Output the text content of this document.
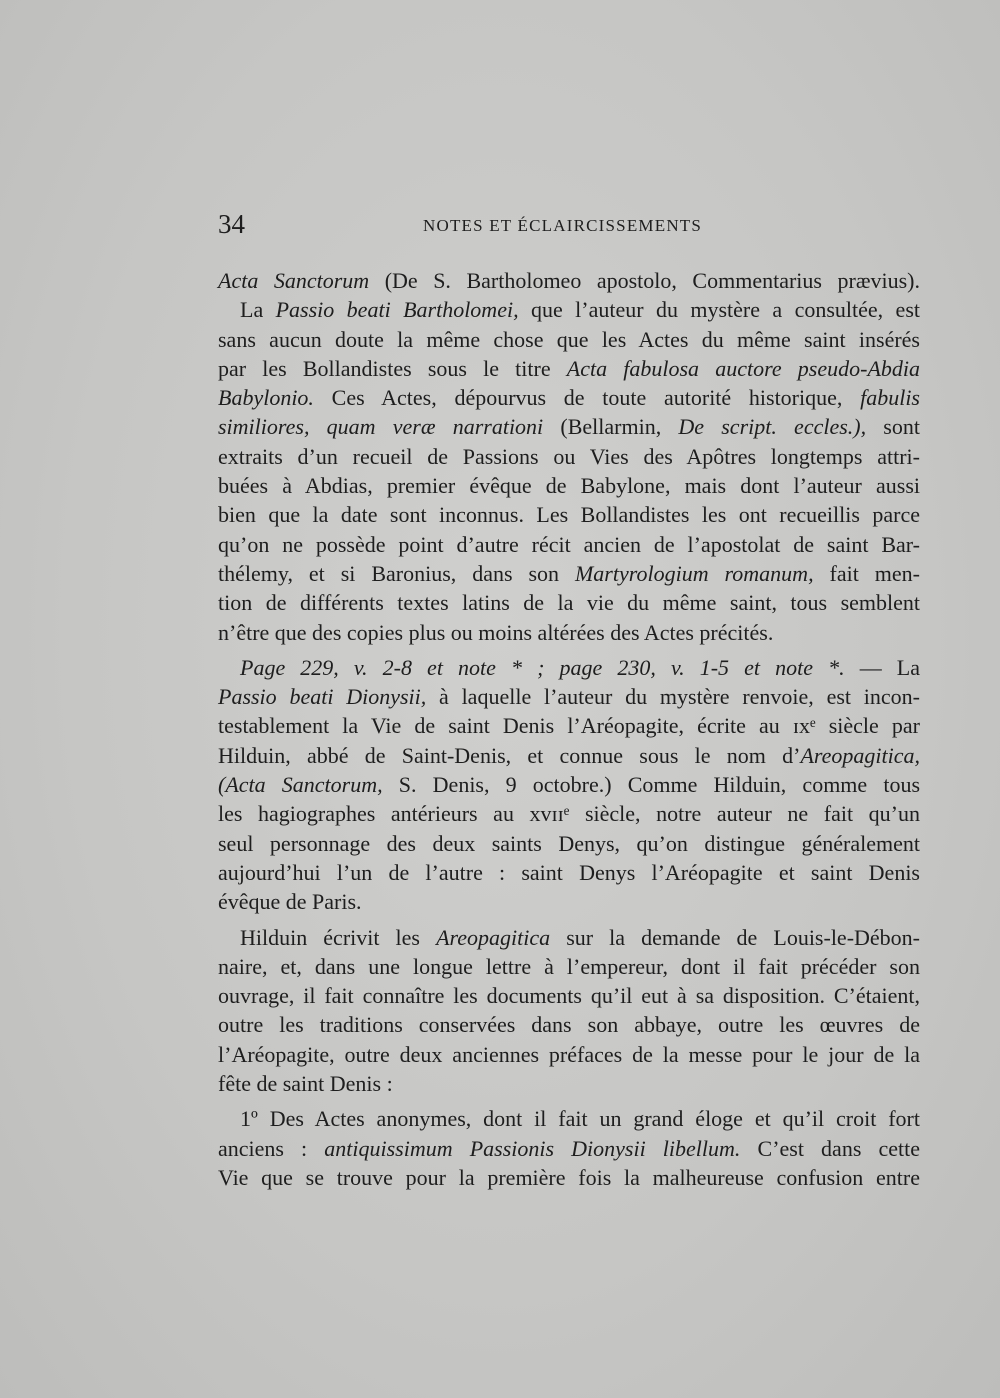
34	NOTES ET ÉCLAIRCISSEMENTS
Acta Sanctorum (De S. Bartholomeo apostolo, Commentarius prævius).
La Passio beati Bartholomei, que l’auteur du mystère a consultée, est
sans aucun doute la même chose que les Actes du même saint insérés
par les Bollandistes sous le titre Acta fabulosa auctore pseudo-Abdia
Babylonio. Ces Actes, dépourvus de toute autorité historique, fabulis
similiores, quam veræ narrationi (Bellarmin, De script. eccles.), sont
extraits d’un recueil de Passions ou Vies des Apôtres longtemps attri-
buées à Abdias, premier évêque de Babylone, mais dont l’auteur aussi
bien que la date sont inconnus. Les Bollandistes les ont recueillis parce
qu’on ne possède point d’autre récit ancien de l’apostolat de saint Bar-
thélemy, et si Baronius, dans son Martyrologium romanum, fait men-
tion de différents textes latins de la vie du même saint, tous semblent
n’être que des copies plus ou moins altérées des Actes précités.
Page 229, v. 2-8 et note * ; page 230, v. 1-5 et note *. — La
Passio beati Dionysii, à laquelle l’auteur du mystère renvoie, est incon-
testablement la Vie de saint Denis l’Aréopagite, écrite au ɪxᵉ siècle par
Hilduin, abbé de Saint-Denis, et connue sous le nom d’Areopagitica,
(Acta Sanctorum, S. Denis, 9 octobre.) Comme Hilduin, comme tous
les hagiographes antérieurs au xᴠɪɪᵉ siècle, notre auteur ne fait qu’un
seul personnage des deux saints Denys, qu’on distingue généralement
aujourd’hui l’un de l’autre : saint Denys l’Aréopagite et saint Denis
évêque de Paris.
Hilduin écrivit les Areopagitica sur la demande de Louis-le-Débon-
naire, et, dans une longue lettre à l’empereur, dont il fait précéder son
ouvrage, il fait connaître les documents qu’il eut à sa disposition. C’étaient,
outre les traditions conservées dans son abbaye, outre les œuvres de
l’Aréopagite, outre deux anciennes préfaces de la messe pour le jour de la
fête de saint Denis :
1º Des Actes anonymes, dont il fait un grand éloge et qu’il croit fort
anciens : antiquissimum Passionis Dionysii libellum. C’est dans cette
Vie que se trouve pour la première fois la malheureuse confusion entre
